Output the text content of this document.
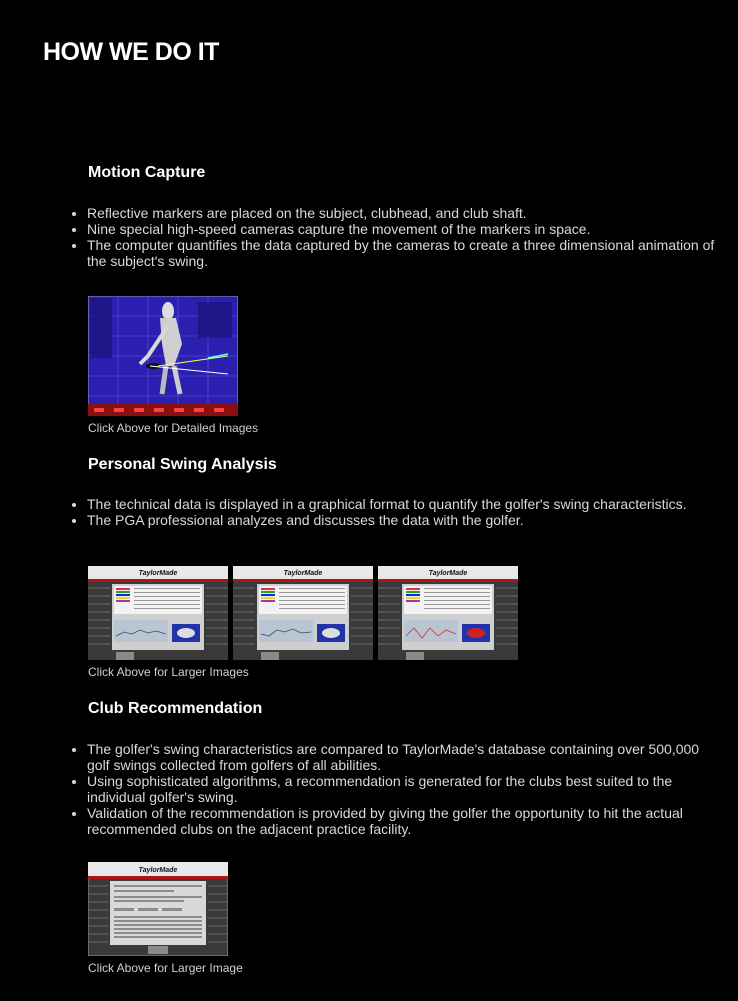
HOW WE DO IT
Motion Capture
• Reflective markers are placed on the subject, clubhead, and club shaft.
• Nine special high-speed cameras capture the movement of the markers in space.
• The computer quantifies the data captured by the cameras to create a three dimensional animation of the subject's swing.
Click Above for Detailed Images
Personal Swing Analysis
• The technical data is displayed in a graphical format to quantify the golfer's swing characteristics.
• The PGA professional analyzes and discusses the data with the golfer.
TaylorMade	TaylorMade	TaylorMade
Click Above for Larger Images
Club Recommendation
• The golfer's swing characteristics are compared to TaylorMade's database containing over 500,000 golf swings collected from golfers of all abilities.
• Using sophisticated algorithms, a recommendation is generated for the clubs best suited to the individual golfer's swing.
• Validation of the recommendation is provided by giving the golfer the opportunity to hit the actual recommended clubs on the adjacent practice facility.
TaylorMade
Click Above for Larger Image
